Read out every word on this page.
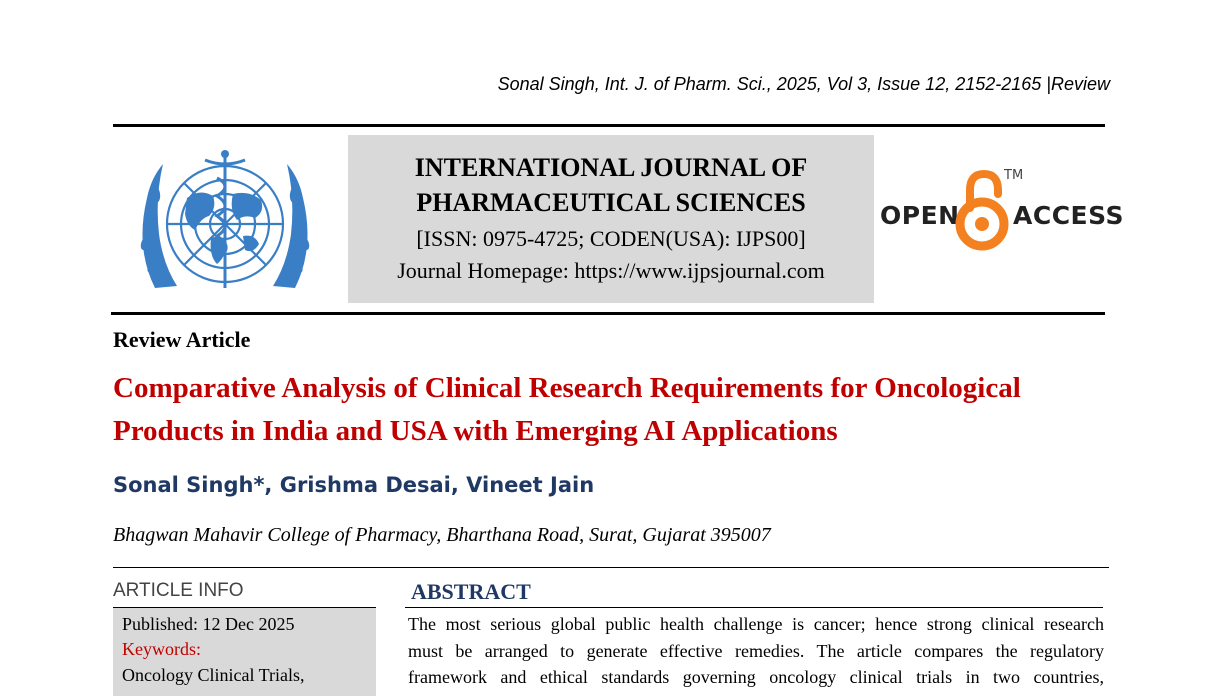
Sonal Singh, Int. J. of Pharm. Sci., 2025, Vol 3, Issue 12, 2152-2165 |Review
INTERNATIONAL JOURNAL OF
PHARMACEUTICAL SCIENCES
[ISSN: 0975-4725; CODEN(USA): IJPS00]
Journal Homepage: https://www.ijpsjournal.com
OPEN
TM
ACCESS
Review Article
Comparative Analysis of Clinical Research Requirements for Oncological Products in India and USA with Emerging AI Applications
Sonal Singh*, Grishma Desai, Vineet Jain
Bhagwan Mahavir College of Pharmacy, Bharthana Road, Surat, Gujarat 395007
ARTICLE INFO
Published: 12 Dec 2025
Keywords:
Oncology Clinical Trials,
ABSTRACT
The most serious global public health challenge is cancer; hence strong clinical research
must be arranged to generate effective remedies. The article compares the regulatory
framework and ethical standards governing oncology clinical trials in two countries,
